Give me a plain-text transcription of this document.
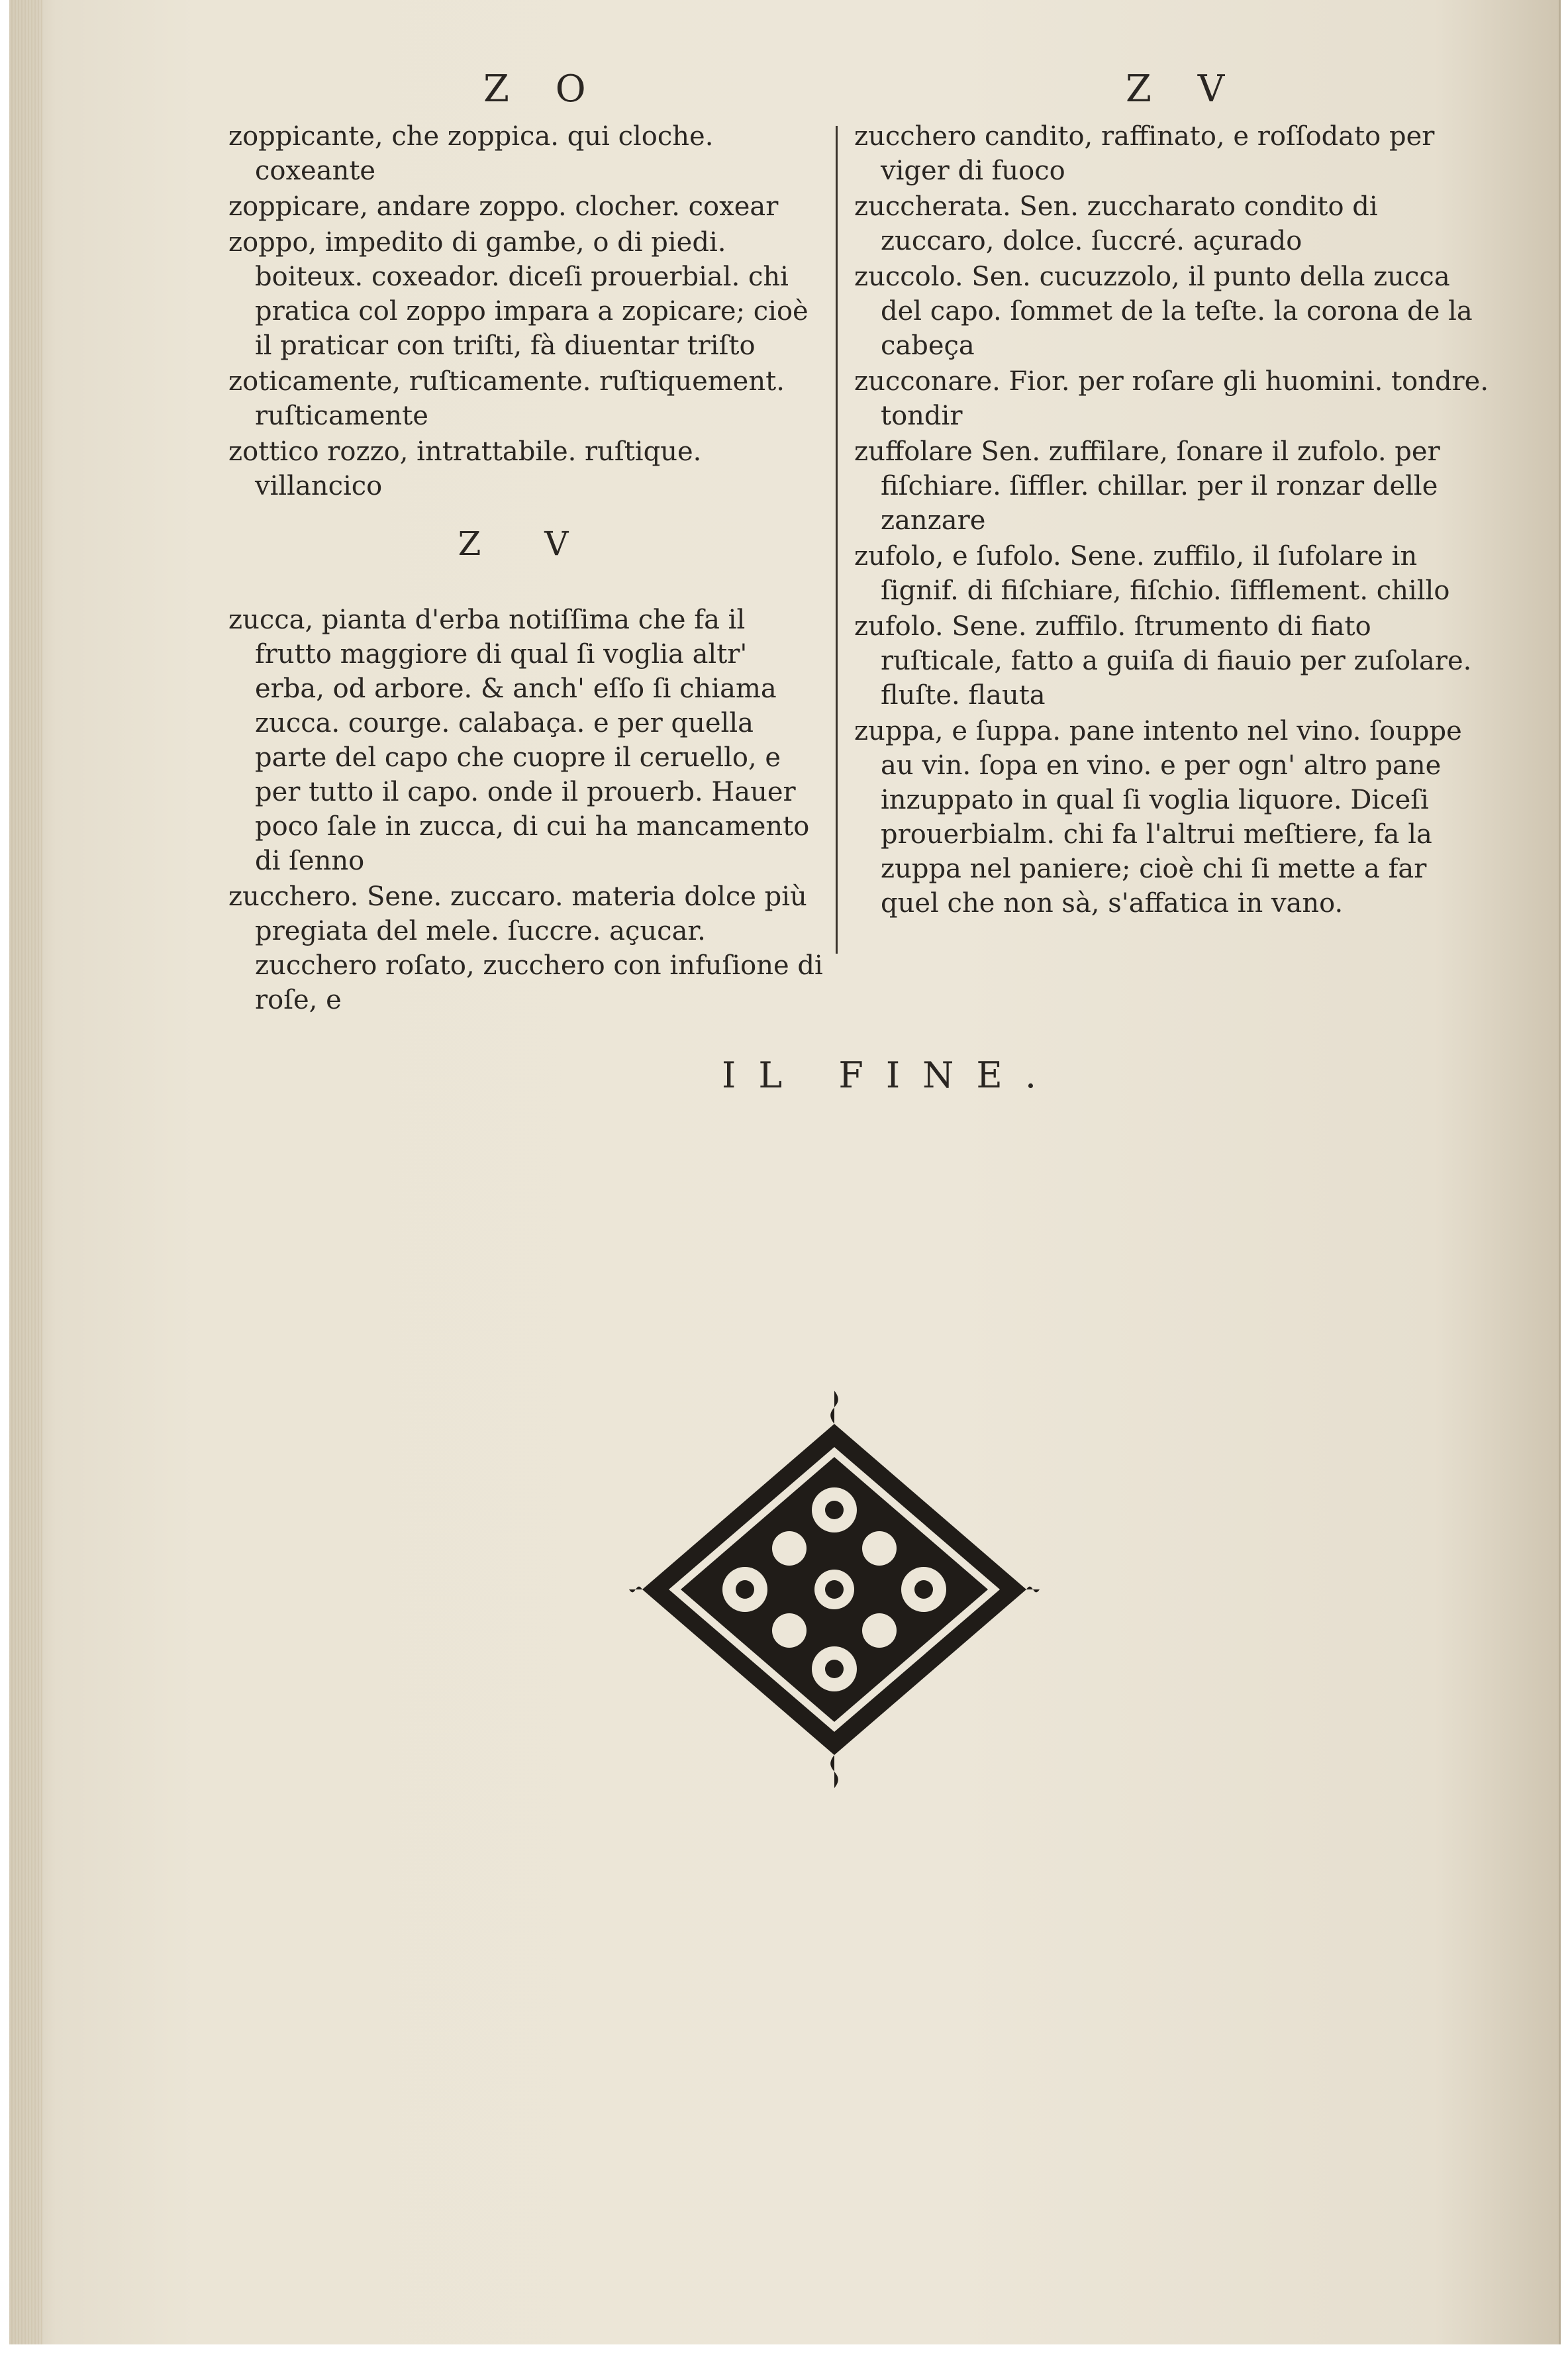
Z O	Z V

zoppicante, che zoppica. qui cloche. coxeante

zoppicare, andare zoppo. clocher. coxear

zoppo, impedito di gambe, o di piedi. boiteux. coxeador. diceſi prouerbial. chi pratica col zoppo impara a zopicare; cioè il praticar con triſti, fà diuentar triſto

zoticamente, ruſticamente. ruſtiquement. ruſticamente

zottico rozzo, intrattabile. ruſtique. villancico

Z V

zucca, pianta d'erba notiſſima che fa il frutto maggiore di qual ſi voglia altr' erba, od arbore. & anch' eſſo ſi chiama zucca. courge. calabaça. e per quella parte del capo che cuopre il ceruello, e per tutto il capo. onde il prouerb. Hauer poco ſale in zucca, di cui ha mancamento di ſenno

zucchero. Sene. zuccaro. materia dolce più pregiata del mele. ſuccre. açucar. zucchero roſato, zucchero con infuſione di roſe, e

zucchero candito, raffinato, e roſſodato per viger di fuoco

zuccherata. Sen. zuccharato condito di zuccaro, dolce. ſuccré. açurado

zuccolo. Sen. cucuzzolo, il punto della zucca del capo. ſommet de la teſte. la corona de la cabeça

zucconare. Fior. per roſare gli huomini. tondre. tondir

zuffolare Sen. zuffilare, ſonare il zufolo. per fiſchiare. ſiffler. chillar. per il ronzar delle zanzare

zufolo, e ſufolo. Sene. zuffilo, il ſufolare in ſignif. di fiſchiare, fiſchio. ſifflement. chillo

zufolo. Sene. zuffilo. ſtrumento di fiato ruſticale, fatto a guiſa di fiauio per zuſolare. fluſte. flauta

zuppa, e ſuppa. pane intento nel vino. ſouppe au vin. ſopa en vino. e per ogn' altro pane inzuppato in qual ſi voglia liquore. Diceſi prouerbialm. chi fa l'altrui meſtiere, fa la zuppa nel paniere; cioè chi ſi mette a far quel che non sà, s'affatica in vano.

IL FINE.
